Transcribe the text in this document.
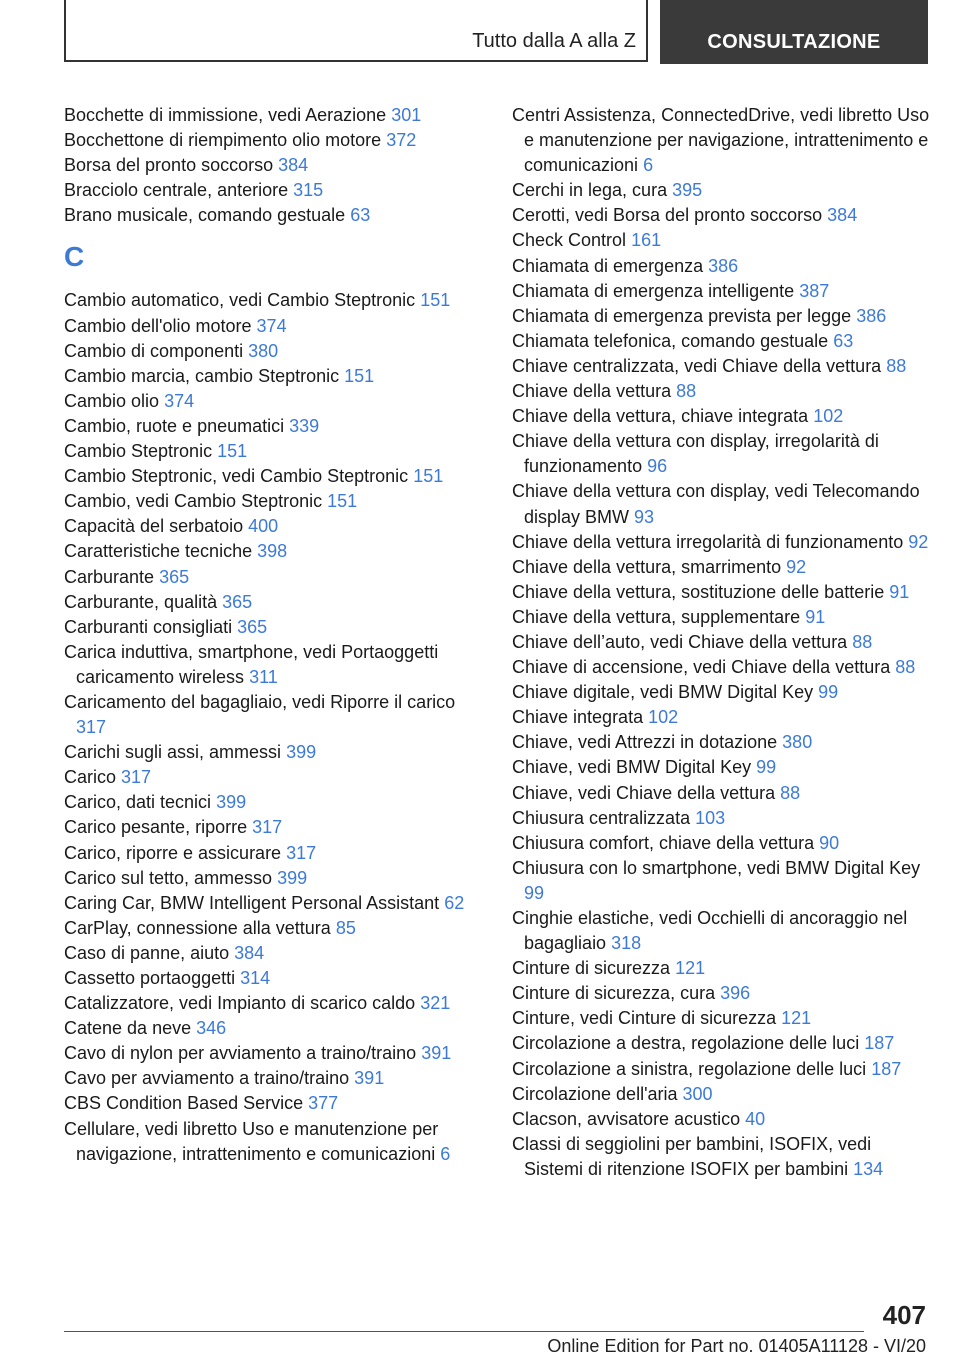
Tutto dalla A alla Z	CONSULTAZIONE
Bocchette di immissione, vedi Aerazione 301
Bocchettone di riempimento olio motore 372
Borsa del pronto soccorso 384
Bracciolo centrale, anteriore 315
Brano musicale, comando gestuale 63
C
Cambio automatico, vedi Cambio Steptronic 151
Cambio dell'olio motore 374
Cambio di componenti 380
Cambio marcia, cambio Steptronic 151
Cambio olio 374
Cambio, ruote e pneumatici 339
Cambio Steptronic 151
Cambio Steptronic, vedi Cambio Steptronic 151
Cambio, vedi Cambio Steptronic 151
Capacità del serbatoio 400
Caratteristiche tecniche 398
Carburante 365
Carburante, qualità 365
Carburanti consigliati 365
Carica induttiva, smartphone, vedi Portaoggetti caricamento wireless 311
Caricamento del bagagliaio, vedi Riporre il carico 317
Carichi sugli assi, ammessi 399
Carico 317
Carico, dati tecnici 399
Carico pesante, riporre 317
Carico, riporre e assicurare 317
Carico sul tetto, ammesso 399
Caring Car, BMW Intelligent Personal Assistant 62
CarPlay, connessione alla vettura 85
Caso di panne, aiuto 384
Cassetto portaoggetti 314
Catalizzatore, vedi Impianto di scarico caldo 321
Catene da neve 346
Cavo di nylon per avviamento a traino/traino 391
Cavo per avviamento a traino/traino 391
CBS Condition Based Service 377
Cellulare, vedi libretto Uso e manutenzione per navigazione, intrattenimento e comunicazioni 6
Centri Assistenza, ConnectedDrive, vedi libretto Uso e manutenzione per navigazione, intrattenimento e comunicazioni 6
Cerchi in lega, cura 395
Cerotti, vedi Borsa del pronto soccorso 384
Check Control 161
Chiamata di emergenza 386
Chiamata di emergenza intelligente 387
Chiamata di emergenza prevista per legge 386
Chiamata telefonica, comando gestuale 63
Chiave centralizzata, vedi Chiave della vettura 88
Chiave della vettura 88
Chiave della vettura, chiave integrata 102
Chiave della vettura con display, irregolarità di funzionamento 96
Chiave della vettura con display, vedi Telecomando display BMW 93
Chiave della vettura irregolarità di funzionamento 92
Chiave della vettura, smarrimento 92
Chiave della vettura, sostituzione delle batterie 91
Chiave della vettura, supplementare 91
Chiave dell’auto, vedi Chiave della vettura 88
Chiave di accensione, vedi Chiave della vettura 88
Chiave digitale, vedi BMW Digital Key 99
Chiave integrata 102
Chiave, vedi Attrezzi in dotazione 380
Chiave, vedi BMW Digital Key 99
Chiave, vedi Chiave della vettura 88
Chiusura centralizzata 103
Chiusura comfort, chiave della vettura 90
Chiusura con lo smartphone, vedi BMW Digital Key 99
Cinghie elastiche, vedi Occhielli di ancoraggio nel bagagliaio 318
Cinture di sicurezza 121
Cinture di sicurezza, cura 396
Cinture, vedi Cinture di sicurezza 121
Circolazione a destra, regolazione delle luci 187
Circolazione a sinistra, regolazione delle luci 187
Circolazione dell'aria 300
Clacson, avvisatore acustico 40
Classi di seggiolini per bambini, ISOFIX, vedi Sistemi di ritenzione ISOFIX per bambini 134
407
Online Edition for Part no. 01405A11128 - VI/20
